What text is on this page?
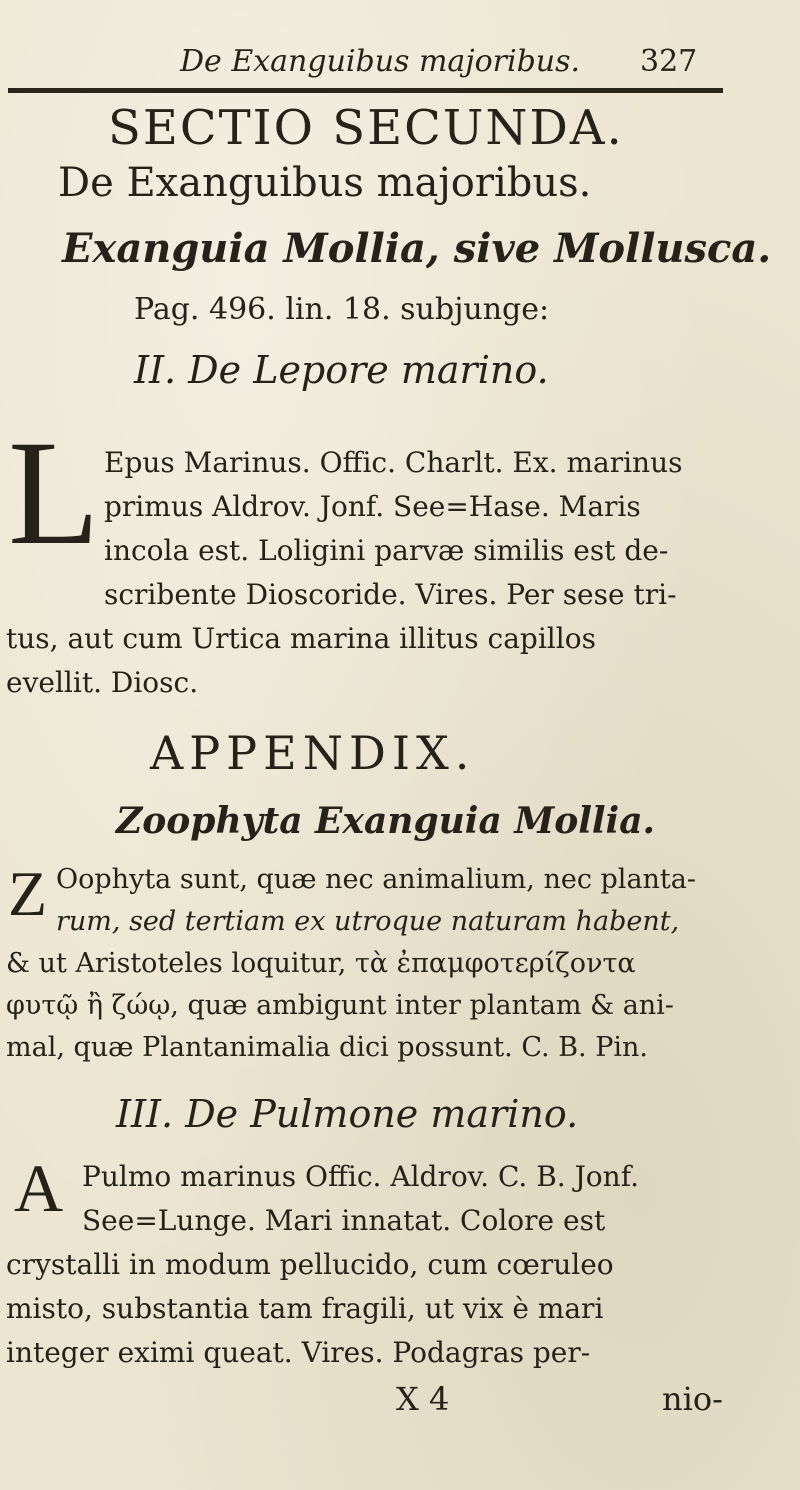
De Exanguibus majoribus. 327
SECTIO SECUNDA.
De Exanguibus majoribus.
Exanguia Mollia, sive Mollusca.
Pag. 496. lin. 18. subjunge:
II. De Lepore marino.
L Epus Marinus. Offic. Charlt. Ex. marinus
primus Aldrov. Jonf. See=Hase. Maris
incola est. Loligini parvæ similis est de-
scribente Dioscoride. Vires. Per sese tri-
tus, aut cum Urtica marina illitus capillos
evellit. Diosc.
APPENDIX.
Zoophyta Exanguia Mollia.
Z Oophyta sunt, quæ nec animalium, nec planta-
rum, sed tertiam ex utroque naturam habent,
& ut Aristoteles loquitur, τὰ ἐπαμφοτερίζοντα
φυτῷ ἢ ζώῳ, quæ ambigunt inter plantam & ani-
mal, quæ Plantanimalia dici possunt. C. B. Pin.
III. De Pulmone marino.
A Pulmo marinus Offic. Aldrov. C. B. Jonf.
See=Lunge. Mari innatat. Colore est
crystalli in modum pellucido, cum cœruleo
misto, substantia tam fragili, ut vix è mari
integer eximi queat. Vires. Podagras per-
X 4	nio-
